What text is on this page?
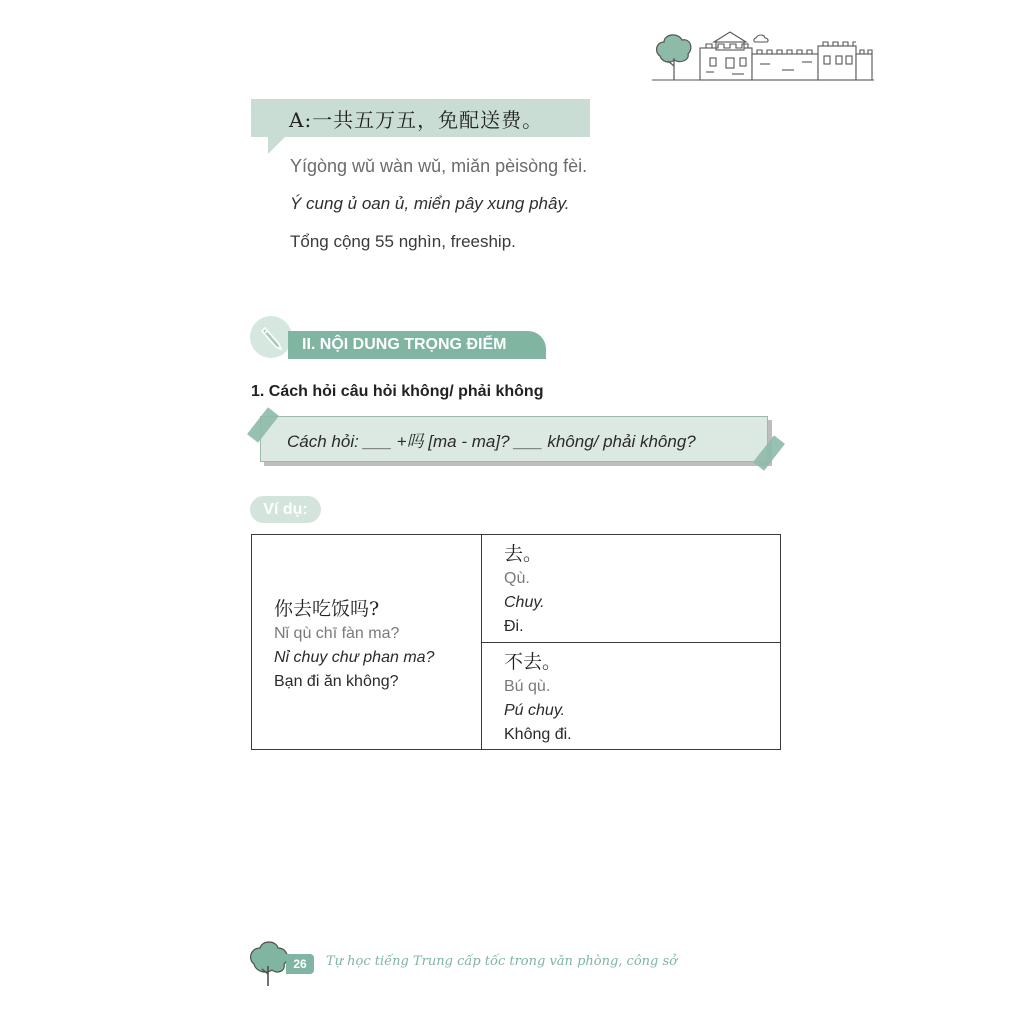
A:一共五万五，免配送费。
Yígòng wǔ wàn wǔ, miǎn pèisòng fèi.
Ý cung ủ oan ủ, miển pây xung phây.
Tổng cộng 55 nghìn, freeship.
II. NỘI DUNG TRỌNG ĐIỂM
1. Cách hỏi câu hỏi không/ phải không
Cách hỏi: ___ +吗 [ma - ma]? ___ không/ phải không?
Ví dụ:
你去吃饭吗?
Nǐ qù chī fàn ma?
Nỉ chuy chư phan ma?
Bạn đi ăn không?

去。
Qù.
Chuy.
Đi.

不去。
Bú qù.
Pú chuy.
Không đi.
26	Tự học tiếng Trung cấp tốc trong văn phòng, công sở
